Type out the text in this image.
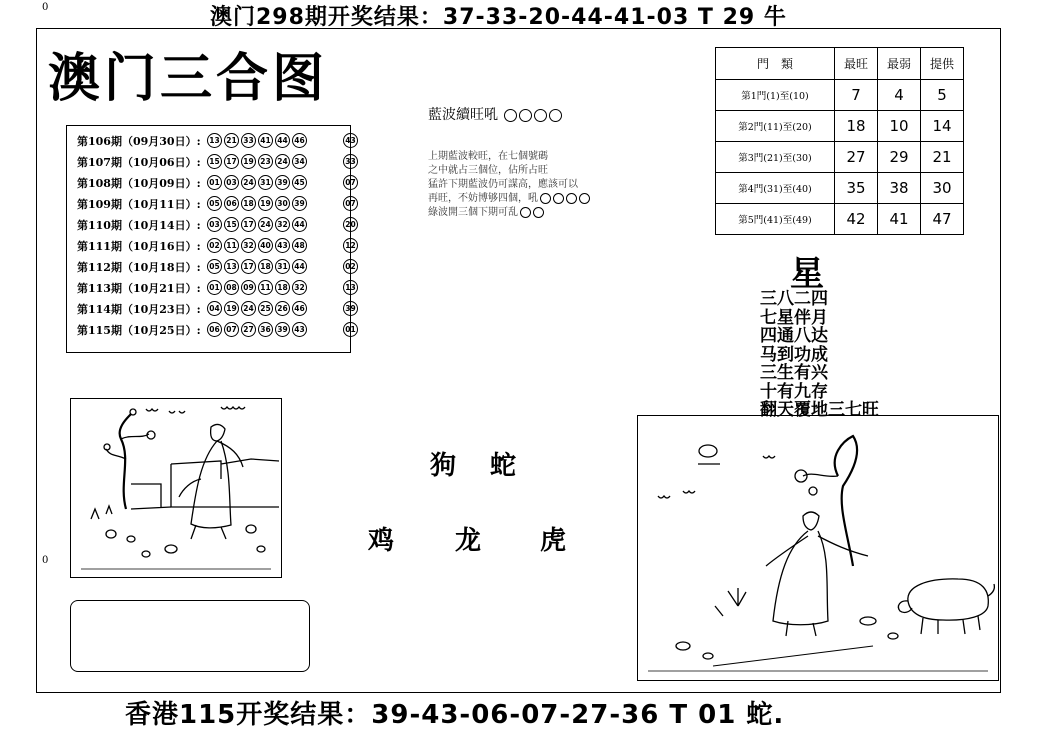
0	澳门298期开奖结果：37-33-20-44-41-03 T 29 牛
0
香港115开奖结果：39-43-06-07-27-36 T 01 蛇.
澳门三合图
第106期（09月30日）:	13 21 33 41 44 46	43
第107期（10月06日）:	15 17 19 23 24 34	33
第108期（10月09日）:	01 03 24 31 39 45	07
第109期（10月11日）:	05 06 18 19 30 39	07
第110期（10月14日）:	03 15 17 24 32 44	20
第111期（10月16日）:	02 11 32 40 43 48	12
第112期（10月18日）:	05 13 17 18 31 44	02
第113期（10月21日）:	01 08 09 11 18 32	13
第114期（10月23日）:	04 19 24 25 26 46	39
第115期（10月25日）:	06 07 27 36 39 43	01
門　類	最旺	最弱	提供
第1門(1)至(10)	7	4	5
第2門(11)至(20)	18	10	14
第3門(21)至(30)	27	29	21
第4門(31)至(40)	35	38	30
第5門(41)至(49)	42	41	47
藍波續旺吼
上期藍波較旺，在七個號碼
之中就占三個位，佔所占旺
猛許下期藍波仍可謀高，應該可以
再旺，不妨博够四個，吼
綠波開三個下期可乱
星
三八二四
七星伴月
四通八达
马到功成
三生有兴
十有九存
翻天覆地三七旺
狗 蛇
鸡 龙 虎
